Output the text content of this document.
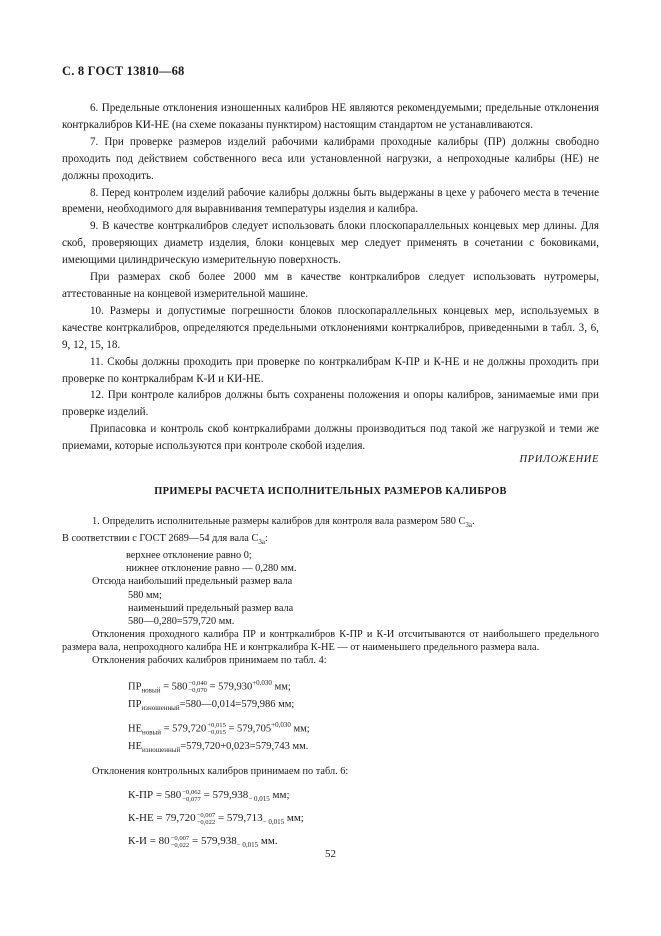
С. 8 ГОСТ 13810—68

6. Предельные отклонения изношенных калибров НЕ являются рекомендуемыми; предельные отклонения контркалибров КИ-НЕ (на схеме показаны пунктиром) настоящим стандартом не устанавливаются.

7. При проверке размеров изделий рабочими калибрами проходные калибры (ПР) должны свободно проходить под действием собственного веса или установленной нагрузки, а непроходные калибры (НЕ) не должны проходить.

8. Перед контролем изделий рабочие калибры должны быть выдержаны в цехе у рабочего места в течение времени, необходимого для выравнивания температуры изделия и калибра.

9. В качестве контркалибров следует использовать блоки плоскопараллельных концевых мер длины. Для скоб, проверяющих диаметр изделия, блоки концевых мер следует применять в сочетании с боковиками, имеющими цилиндрическую измерительную поверхность.

При размерах скоб более 2000 мм в качестве контркалибров следует использовать нутромеры, аттестованные на концевой измерительной машине.

10. Размеры и допустимые погрешности блоков плоскопараллельных концевых мер, используемых в качестве контркалибров, определяются предельными отклонениями контркалибров, приведенными в табл. 3, 6, 9, 12, 15, 18.

11. Скобы должны проходить при проверке по контркалибрам К-ПР и К-НЕ и не должны проходить при проверке по контркалибрам К-И и КИ-НЕ.

12. При контроле калибров должны быть сохранены положения и опоры калибров, занимаемые ими при проверке изделий.

Припасовка и контроль скоб контркалибрами должны производиться под такой же нагрузкой и теми же приемами, которые используются при контроле скобой изделия.

ПРИЛОЖЕНИЕ
ПРИМЕРЫ РАСЧЕТА ИСПОЛНИТЕЛЬНЫХ РАЗМЕРОВ КАЛИБРОВ

1. Определить исполнительные размеры калибров для контроля вала размером 580 $С_{3а}$.

В соответствии с ГОСТ 2689—54 для вала $С_{3а}$:

верхнее отклонение равно 0;

нижнее отклонение равно — 0,280 мм.

Отсюда наибольший предельный размер вала

580 мм;

наименьший предельный размер вала

580—0,280=579,720 мм.

Отклонения проходного калибра ПР и контркалибров К-ПР и К-И отсчитываются от наибольшего предельного размера вала, непроходного калибра НЕ и контркалибра К-НЕ — от наименьшего предельного размера вала.

Отклонения рабочих калибров принимаем по табл. 4:

$ПР_{новый} = 580 -0,040$
$-0,070 = 579,930^{+0,030}$ мм;
$ПР_{изношенный}=580—0,014=579,986$ мм;
$НЕ_{новый} = 579,720 +0,015$
$-0,015 = 579,705^{+0,030}$ мм;
$НЕ_{изношенный}=579,720+0,023=579,743$ мм.

Отклонения контрольных калибров принимаем по табл. 6:

К-ПР = 580 −0,062
$-0,077 = 579,938_{- 0,015}$ мм;
К-НЕ = 79,720 −0,007
$-0,022 = 579,713_{- 0,015}$ мм;
К-И = 80 −0,007
$-0,022 = 579,938_{- 0,015}$ мм.
52
